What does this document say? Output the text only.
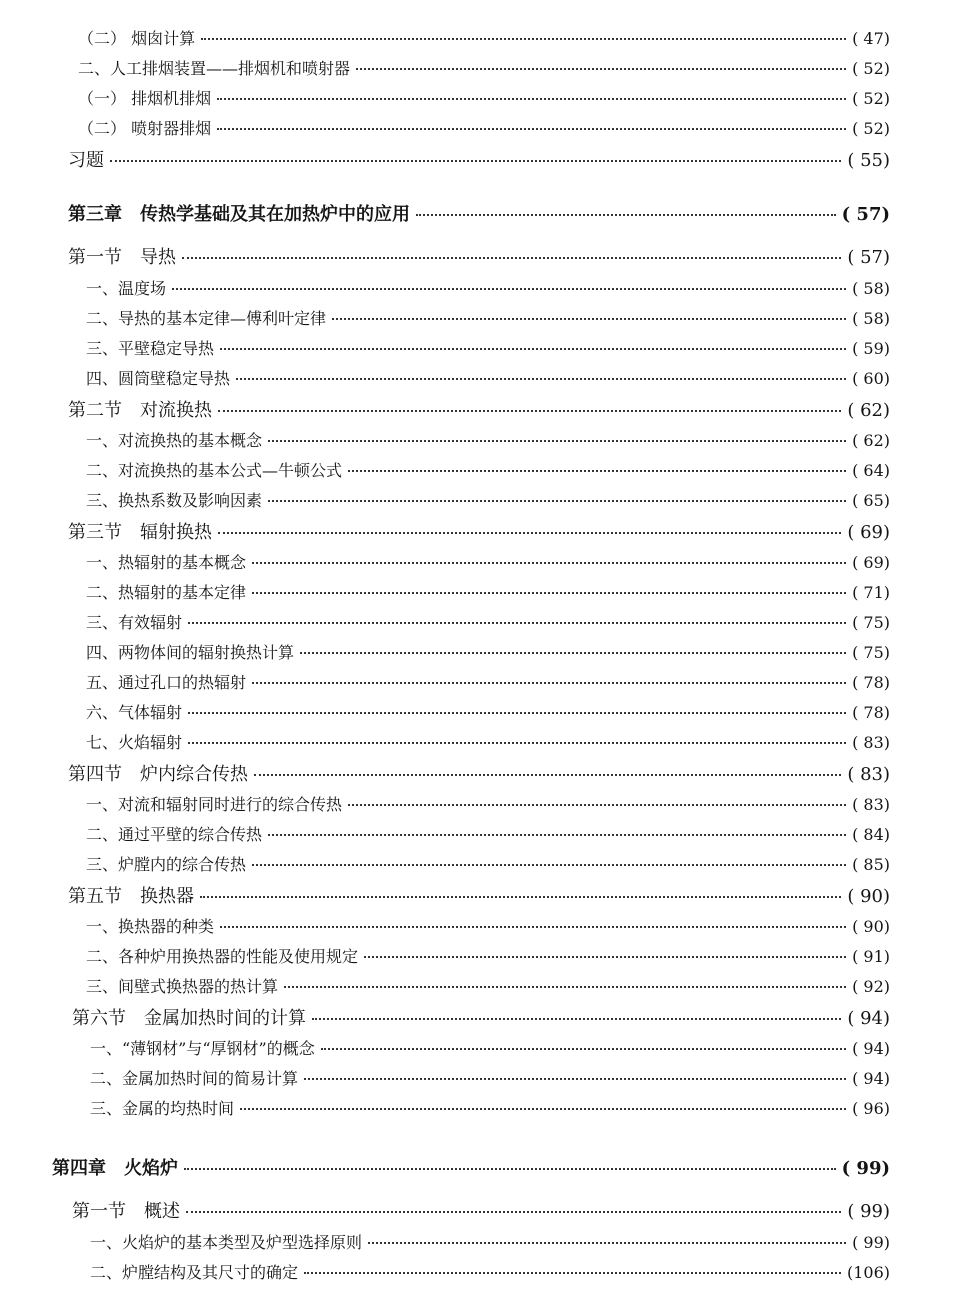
（二） 烟囱计算	( 47)
二、人工排烟装置——排烟机和喷射器	( 52)
（一） 排烟机排烟	( 52)
（二） 喷射器排烟	( 52)
习题	( 55)
第三章　传热学基础及其在加热炉中的应用	( 57)
第一节　导热	( 57)
一、温度场	( 58)
二、导热的基本定律—傅利叶定律	( 58)
三、平壁稳定导热	( 59)
四、圆筒壁稳定导热	( 60)
第二节　对流换热	( 62)
一、对流换热的基本概念	( 62)
二、对流换热的基本公式—牛顿公式	( 64)
三、换热系数及影响因素	( 65)
第三节　辐射换热	( 69)
一、热辐射的基本概念	( 69)
二、热辐射的基本定律	( 71)
三、有效辐射	( 75)
四、两物体间的辐射换热计算	( 75)
五、通过孔口的热辐射	( 78)
六、气体辐射	( 78)
七、火焰辐射	( 83)
第四节　炉内综合传热	( 83)
一、对流和辐射同时进行的综合传热	( 83)
二、通过平壁的综合传热	( 84)
三、炉膛内的综合传热	( 85)
第五节　换热器	( 90)
一、换热器的种类	( 90)
二、各种炉用换热器的性能及使用规定	( 91)
三、间壁式换热器的热计算	( 92)
第六节　金属加热时间的计算	( 94)
一、“薄钢材”与“厚钢材”的概念	( 94)
二、金属加热时间的简易计算	( 94)
三、金属的均热时间	( 96)
第四章　火焰炉	( 99)
第一节　概述	( 99)
一、火焰炉的基本类型及炉型选择原则	( 99)
二、炉膛结构及其尺寸的确定	(106)
